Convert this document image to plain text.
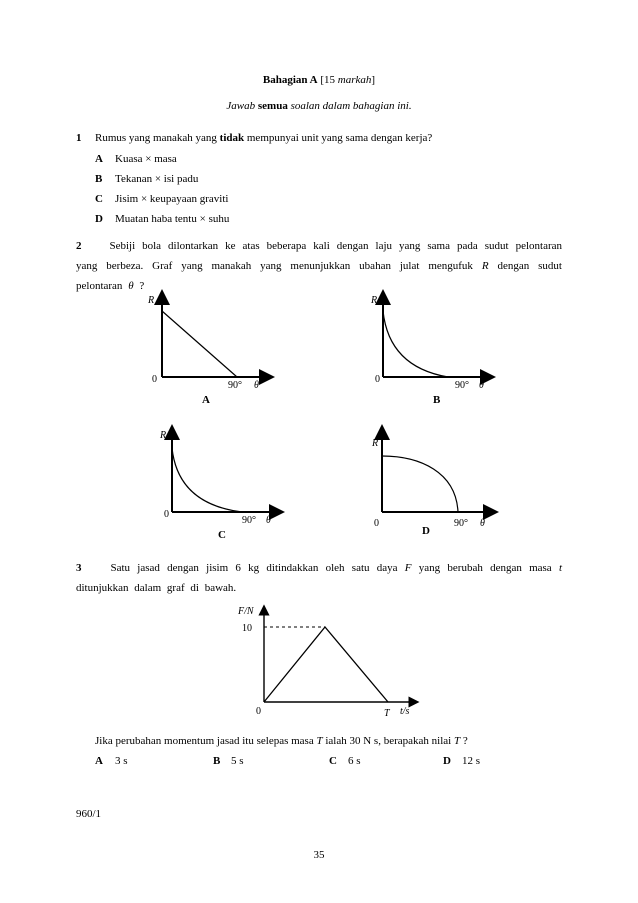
Bahagian A [15 markah]
Jawab semua soalan dalam bahagian ini.
1 Rumus yang manakah yang tidak mempunyai unit yang sama dengan kerja?
A Kuasa × masa
B Tekanan × isi padu
C Jisim × keupayaan graviti
D Muatan haba tentu × suhu
2	Sebiji bola dilontarkan ke atas beberapa kali dengan laju yang sama pada sudut pelontaran yang berbeza. Graf yang manakah yang menunjukkan ubahan julat mengufuk R dengan sudut pelontaran θ ?
R
0
90° θ
A
R
0
90° θ
B
R
0
90° θ
C
R
0	90° θ
D
3	Satu jasad dengan jisim 6 kg ditindakkan oleh satu daya F yang berubah dengan masa t ditunjukkan dalam graf di bawah.
F/N
10
0	T t/s
Jika perubahan momentum jasad itu selepas masa T ialah 30 N s, berapakah nilai T ?
A 3 s	B 5 s	C 6 s	D 12 s
960/1
35
